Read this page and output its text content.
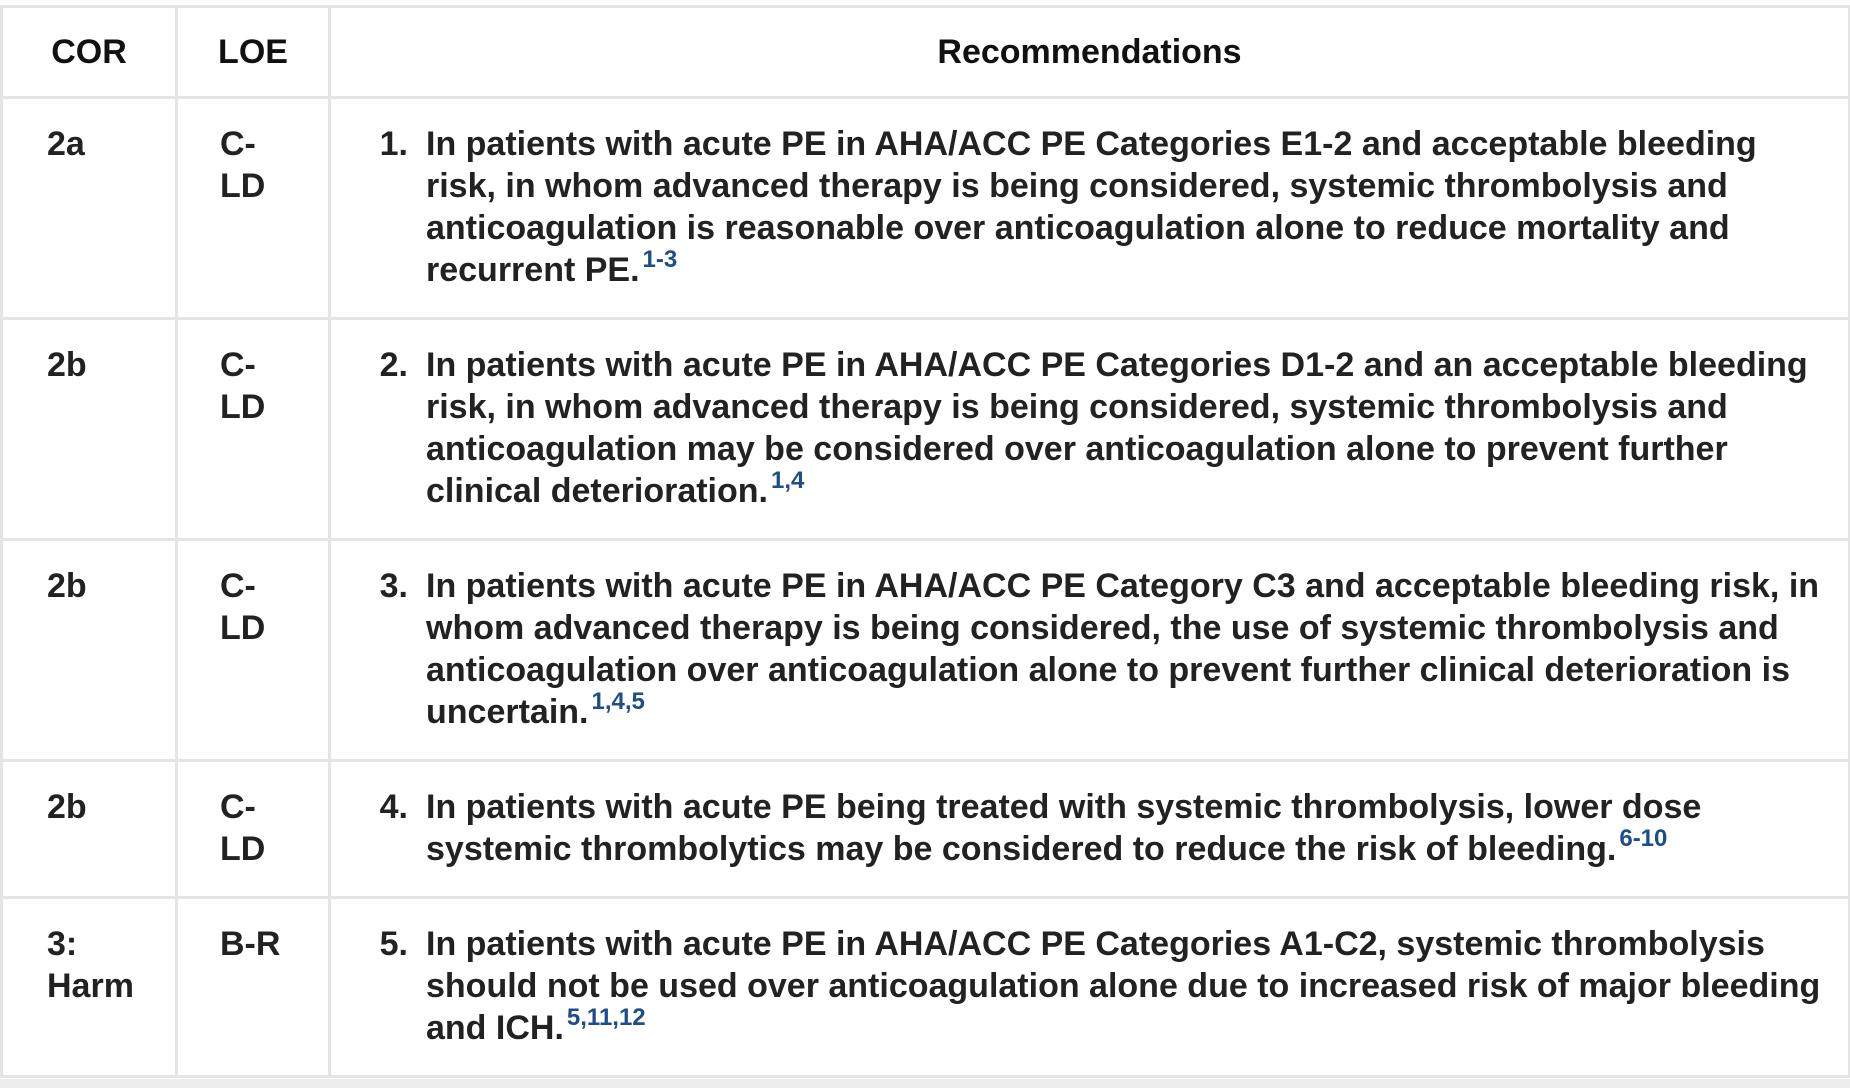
COR	LOE	Recommendations
2a	C-LD	1. In patients with acute PE in AHA/ACC PE Categories E1-2 and acceptable bleeding risk, in whom advanced therapy is being considered, systemic thrombolysis and anticoagulation is reasonable over anticoagulation alone to reduce mortality and recurrent PE. $^{1-3}$

2b	C-LD	2. In patients with acute PE in AHA/ACC PE Categories D1-2 and an acceptable bleeding risk, in whom advanced therapy is being considered, systemic thrombolysis and anticoagulation may be considered over anticoagulation alone to prevent further clinical deterioration. $^{1,4}$

2b	C-LD	3. In patients with acute PE in AHA/ACC PE Category C3 and acceptable bleeding risk, in whom advanced therapy is being considered, the use of systemic thrombolysis and anticoagulation over anticoagulation alone to prevent further clinical deterioration is uncertain. $^{1,4,5}$

2b	C-LD	4. In patients with acute PE being treated with systemic thrombolysis, lower dose systemic thrombolytics may be considered to reduce the risk of bleeding. $^{6-10}$

3: Harm	B-R	5. In patients with acute PE in AHA/ACC PE Categories A1-C2, systemic thrombolysis should not be used over anticoagulation alone due to increased risk of major bleeding and ICH. $^{5,11,12}$
